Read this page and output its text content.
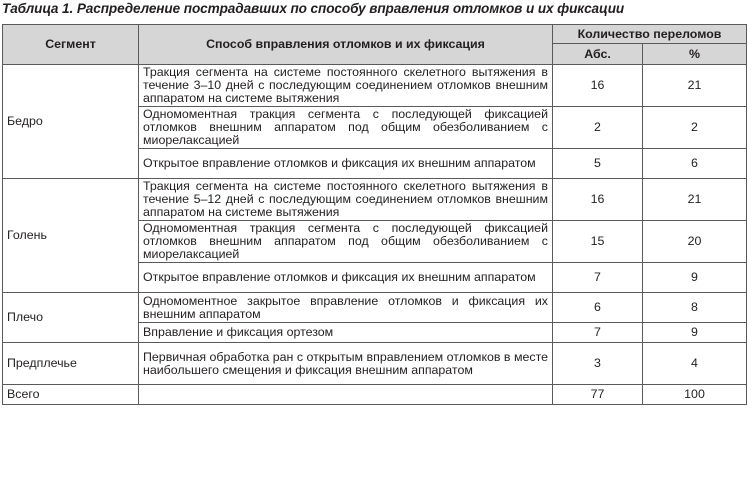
Таблица 1. Распределение пострадавших по способу вправления отломков и их фиксации
Сегмент	Способ вправления отломков и их фиксация	Количество переломов	
		Абс.	%
Бедро	Тракция сегмента на системе постоянного скелетного вытяжения в течение 3–10 дней с последующим соединением отломков внешним аппаратом на системе вытяжения	16	21
	Одномоментная тракция сегмента с последующей фиксацией отломков внешним аппаратом под общим обезболиванием с миорелаксацией	2	2
	Открытое вправление отломков и фиксация их внешним аппаратом	5	6
Голень	Тракция сегмента на системе постоянного скелетного вытяжения в течение 5–12 дней с последующим соединением отломков внешним аппаратом на системе вытяжения	16	21
	Одномоментная тракция сегмента с последующей фиксацией отломков внешним аппаратом под общим обезболиванием с миорелаксацией	15	20
	Открытое вправление отломков и фиксация их внешним аппаратом	7	9
Плечо	Одномоментное закрытое вправление отломков и фиксация их внешним аппаратом	6	8
	Вправление и фиксация ортезом	7	9
Предплечье	Первичная обработка ран с открытым вправлением отломков в месте наибольшего смещения и фиксация внешним аппаратом	3	4
Всего		77	100
